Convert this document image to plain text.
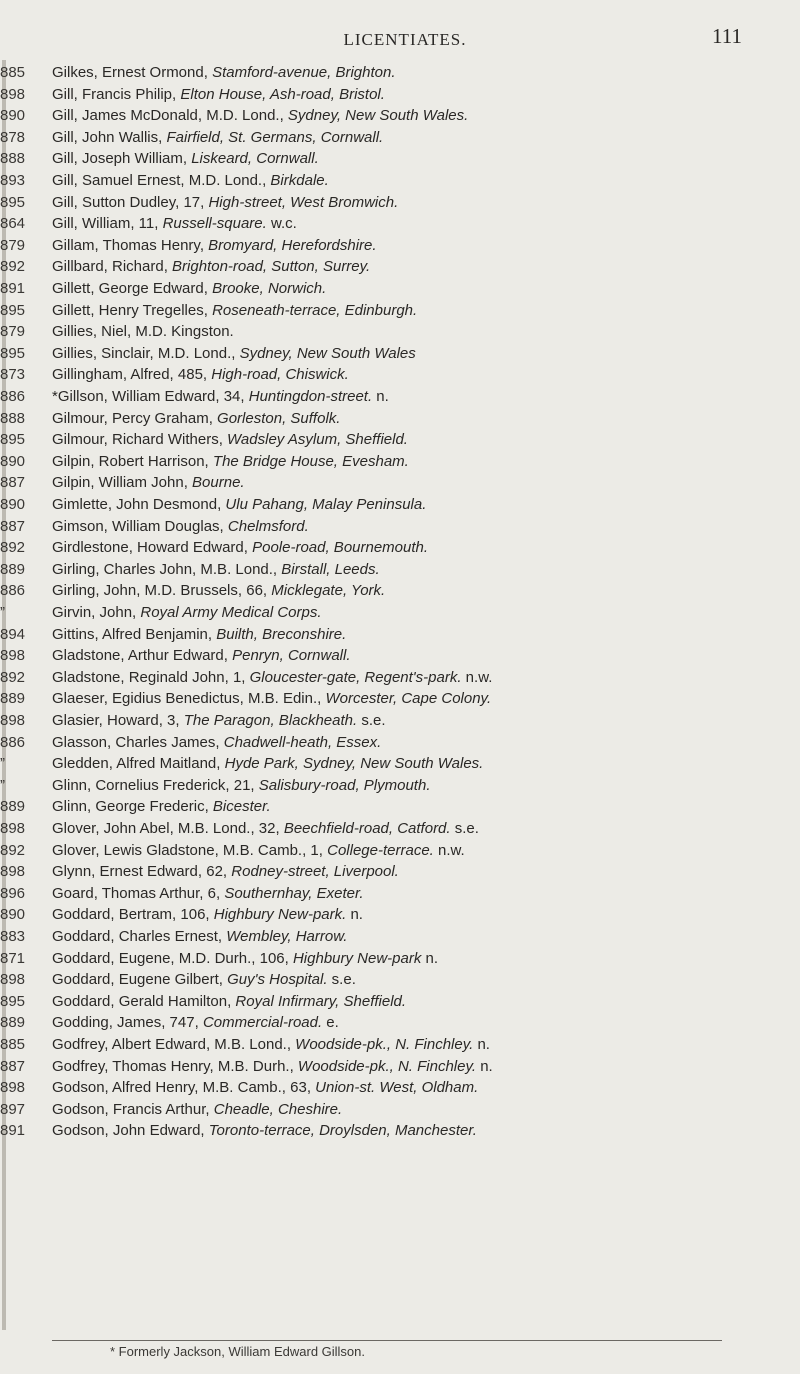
LICENTIATES.	111
885
898
890
878
888
893
895
864
879
892
891
895
879
895
873
886
888
895
890
887
890
887
892
889
886
”
894
898
892
889
898
886
”
”
889
898
892
898
896
890
883
871
898
895
889
885
887
898
897
891
Gilkes, Ernest Ormond, Stamford-avenue, Brighton.
Gill, Francis Philip, Elton House, Ash-road, Bristol.
Gill, James McDonald, M.D. Lond., Sydney, New South Wales.
Gill, John Wallis, Fairfield, St. Germans, Cornwall.
Gill, Joseph William, Liskeard, Cornwall.
Gill, Samuel Ernest, M.D. Lond., Birkdale.
Gill, Sutton Dudley, 17, High-street, West Bromwich.
Gill, William, 11, Russell-square. w.c.
Gillam, Thomas Henry, Bromyard, Herefordshire.
Gillbard, Richard, Brighton-road, Sutton, Surrey.
Gillett, George Edward, Brooke, Norwich.
Gillett, Henry Tregelles, Roseneath-terrace, Edinburgh.
Gillies, Niel, M.D. Kingston.
Gillies, Sinclair, M.D. Lond., Sydney, New South Wales
Gillingham, Alfred, 485, High-road, Chiswick.
*Gillson, William Edward, 34, Huntingdon-street. n.
Gilmour, Percy Graham, Gorleston, Suffolk.
Gilmour, Richard Withers, Wadsley Asylum, Sheffield.
Gilpin, Robert Harrison, The Bridge House, Evesham.
Gilpin, William John, Bourne.
Gimlette, John Desmond, Ulu Pahang, Malay Peninsula.
Gimson, William Douglas, Chelmsford.
Girdlestone, Howard Edward, Poole-road, Bournemouth.
Girling, Charles John, M.B. Lond., Birstall, Leeds.
Girling, John, M.D. Brussels, 66, Micklegate, York.
Girvin, John, Royal Army Medical Corps.
Gittins, Alfred Benjamin, Builth, Breconshire.
Gladstone, Arthur Edward, Penryn, Cornwall.
Gladstone, Reginald John, 1, Gloucester-gate, Regent's-park. n.w.
Glaeser, Egidius Benedictus, M.B. Edin., Worcester, Cape Colony.
Glasier, Howard, 3, The Paragon, Blackheath. s.e.
Glasson, Charles James, Chadwell-heath, Essex.
Gledden, Alfred Maitland, Hyde Park, Sydney, New South Wales.
Glinn, Cornelius Frederick, 21, Salisbury-road, Plymouth.
Glinn, George Frederic, Bicester.
Glover, John Abel, M.B. Lond., 32, Beechfield-road, Catford. s.e.
Glover, Lewis Gladstone, M.B. Camb., 1, College-terrace. n.w.
Glynn, Ernest Edward, 62, Rodney-street, Liverpool.
Goard, Thomas Arthur, 6, Southernhay, Exeter.
Goddard, Bertram, 106, Highbury New-park. n.
Goddard, Charles Ernest, Wembley, Harrow.
Goddard, Eugene, M.D. Durh., 106, Highbury New-park n.
Goddard, Eugene Gilbert, Guy's Hospital. s.e.
Goddard, Gerald Hamilton, Royal Infirmary, Sheffield.
Godding, James, 747, Commercial-road. e.
Godfrey, Albert Edward, M.B. Lond., Woodside-pk., N. Finchley. n.
Godfrey, Thomas Henry, M.B. Durh., Woodside-pk., N. Finchley. n.
Godson, Alfred Henry, M.B. Camb., 63, Union-st. West, Oldham.
Godson, Francis Arthur, Cheadle, Cheshire.
Godson, John Edward, Toronto-terrace, Droylsden, Manchester.
* Formerly Jackson, William Edward Gillson.
